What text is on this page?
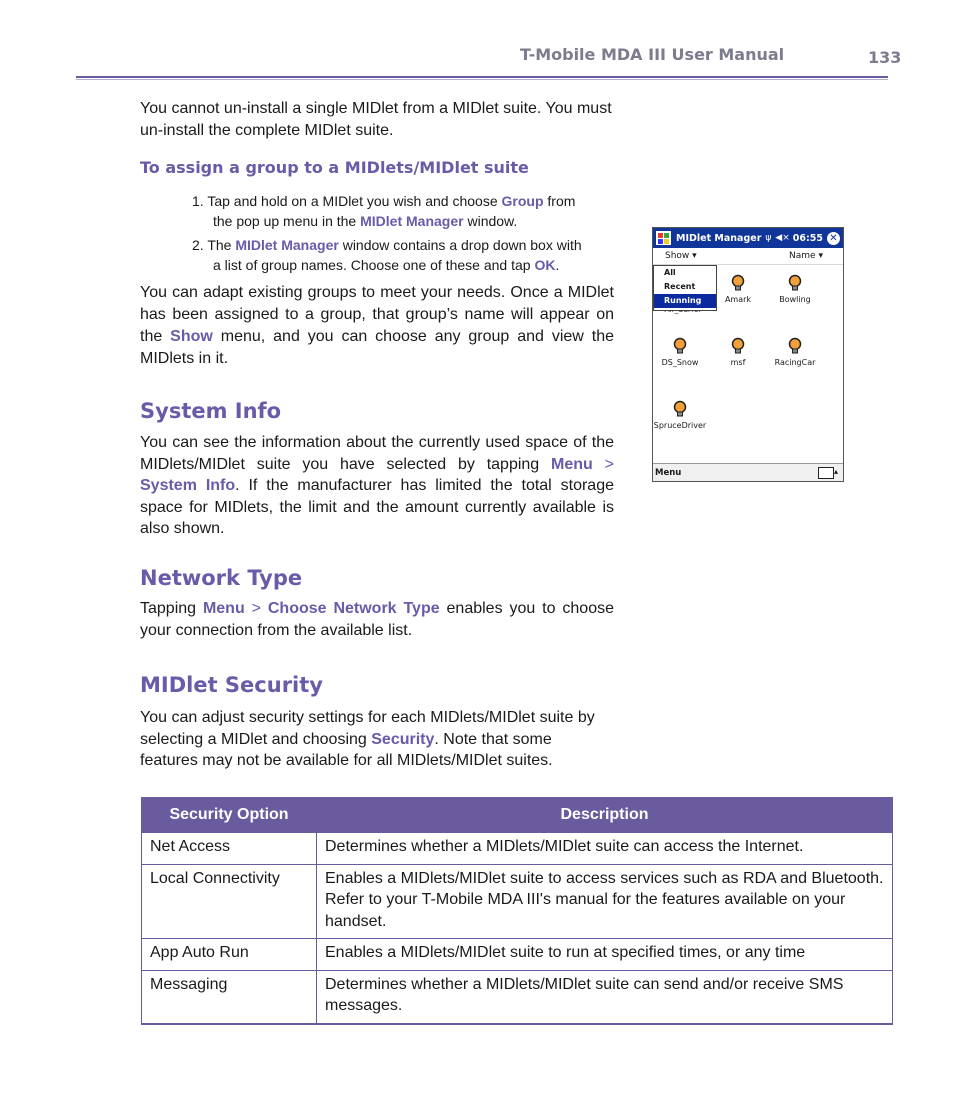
T-Mobile MDA III User Manual	133
You cannot un-install a single MIDlet from a MIDlet suite. You must un-install the complete MIDlet suite.
To assign a group to a MIDlets/MIDlet suite
1. Tap and hold on a MIDlet you wish and choose Group from
the pop up menu in the MIDlet Manager window.
2. The MIDlet Manager window contains a drop down box with
a list of group names. Choose one of these and tap OK.
You can adapt existing groups to meet your needs. Once a MIDlet has been assigned to a group, that group’s name will appear on the Show menu, and you can choose any group and view the MIDlets in it.
System Info
You can see the information about the currently used space of the MIDlets/MIDlet suite you have selected by tapping Menu > System Info. If the manufacturer has limited the total storage space for MIDlets, the limit and the amount currently available is also shown.
Network Type
Tapping Menu > Choose Network Type enables you to choose your connection from the available list.
MIDlet Security
You can adjust security settings for each MIDlets/MIDlet suite by selecting a MIDlet and choosing Security. Note that some features may not be available for all MIDlets/MIDlet suites.
MIDlet Manager ψ ◀× 06:55 ✕
Show ▾	Name ▾
All
Recent
Running	Amark	Bowling
DS_Snow	msf	RacingCar
SpruceDriver
Menu	▴
Security Option	Description
Net Access	Determines whether a MIDlets/MIDlet suite can access the Internet.
Local Connectivity	Enables a MIDlets/MIDlet suite to access services such as RDA and Bluetooth. Refer to your T-Mobile MDA III's manual for the features available on your handset.
App Auto Run	Enables a MIDlets/MIDlet suite to run at specified times, or any time
Messaging	Determines whether a MIDlets/MIDlet suite can send and/or receive SMS messages.
